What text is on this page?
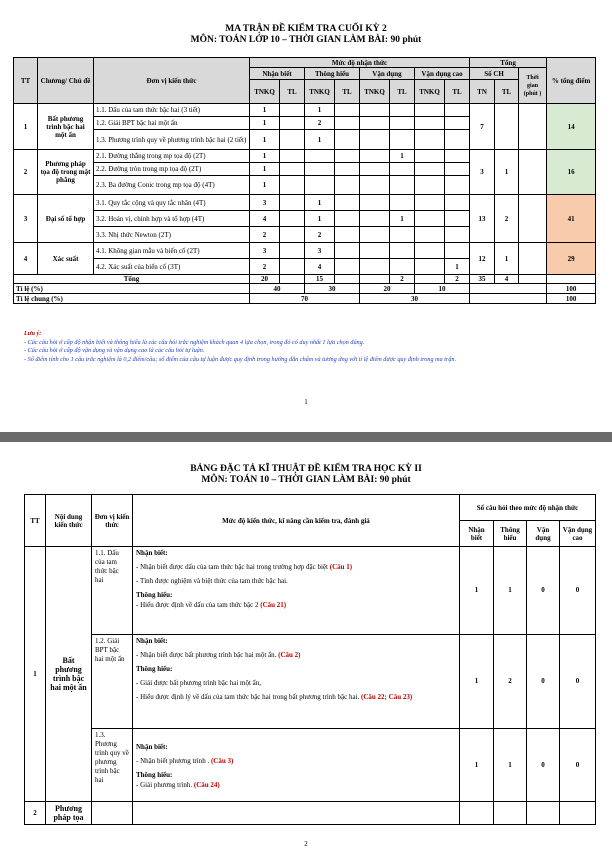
MA TRẬN ĐỀ KIỂM TRA CUỐI KỲ 2
MÔN: TOÁN LỚP 10 – THỜI GIAN LÀM BÀI: 90 phút
TT	Chương/ Chủ đề	Đơn vị kiến thức	Mức độ nhận thức								Tổng			% tổng điểm
			Nhận biết		Thông hiểu		Vận dụng		Vận dụng cao		Số CH		Thời gian (phút )	
			TNKQ	TL	TNKQ	TL	TNKQ	TL	TNKQ	TL	TN	TL		
1	Bất phương trình bậc hai một ẩn	1.1. Dấu của tam thức bậc hai (3 tiết)	1		1						7			14
		1.2. Giải BPT bậc hai một ẩn	1		2									
		1.3. Phương trình quy về phương trình bậc hai (2 tiết)	1		1									
2	Phương pháp tọa độ trong mặt phẳng	2.1. Đường thẳng trong mp tọa độ (2T)	1					1			3	1		16
		2.2. Đường tròn trong mp tọa độ (2T)	1											
		2.3. Ba đường Conic trong mp tọa độ (4T)	1											
3	Đại số tổ hợp	3.1. Quy tắc cộng và quy tắc nhân (4T)	3		1						13	2		41
		3.2. Hoán vị, chỉnh hợp và tổ hợp (4T)	4		1			1						
		3.3. Nhị thức Newton (2T)	2		2									
4	Xác suất	4.1. Không gian mẫu và biến cố (2T)	3		3						12	1		29
		4.2. Xác suất của biến cố (3T)	2		4					1				
Tổng			20		15			2		2	35	4		
Tỉ lệ (%)			40		30		20		10					100
Tỉ lệ chung (%)			70				30							100
Lưu ý:
- Các câu hỏi ở cấp độ nhận biết và thông hiểu là các câu hỏi trắc nghiệm khách quan 4 lựa chọn, trong đó có duy nhất 1 lựa chọn đúng.
- Các câu hỏi ở cấp độ vận dụng và vận dụng cao là các câu hỏi tự luận.
- Số điểm tính cho 1 câu trắc nghiệm là 0,2 điểm/câu; số điểm của câu tự luận được quy định trong hướng dẫn chấm và tương ứng với tỉ lệ điểm được quy định trong ma trận.
1
BẢNG ĐẶC TẢ KĨ THUẬT ĐỀ KIỂM TRA HỌC KỲ II
MÔN: TOÁN 10 – THỜI GIAN LÀM BÀI: 90 phút
TT	Nội dung kiến thức	Đơn vị kiến thức	Mức độ kiến thức, kĩ năng cần kiểm tra, đánh giá	Số câu hỏi theo mức độ nhận thức			
				Nhận biết	Thông hiểu	Vận dụng	Vận dụng cao
1	Bất phương trình bậc hai một ẩn	1.1. Dấu của tam thức bậc hai	Nhận biết:
- Nhận biết được dấu của tam thức bậc hai trong trường hợp đặc biệt (Câu 1)
- Tính được nghiệm và biệt thức của tam thức bậc hai.
Thông hiểu:
- Hiểu được định về dấu của tam thức bậc 2 (Câu 21)	1	1	0	0
		1.2. Giải BPT bậc hai một ẩn	Nhận biết:
- Nhận biết được bất phương trình bậc hai một ẩn. (Câu 2)
Thông hiểu:
- Giải được bất phương trình bậc hai một ẩn,
- Hiểu được định lý về dấu của tam thức bậc hai trong bất phương trình bậc hai. (Câu 22; Câu 23)	1	2	0	0
		1.3. Phương trình quy về phương trình bậc hai	Nhận biết:
- Nhận biết phương trình . (Câu 3)
Thông hiểu:
- Giải phương trình. (Câu 24)	1	1	0	0
2	Phương pháp tọa						
2
